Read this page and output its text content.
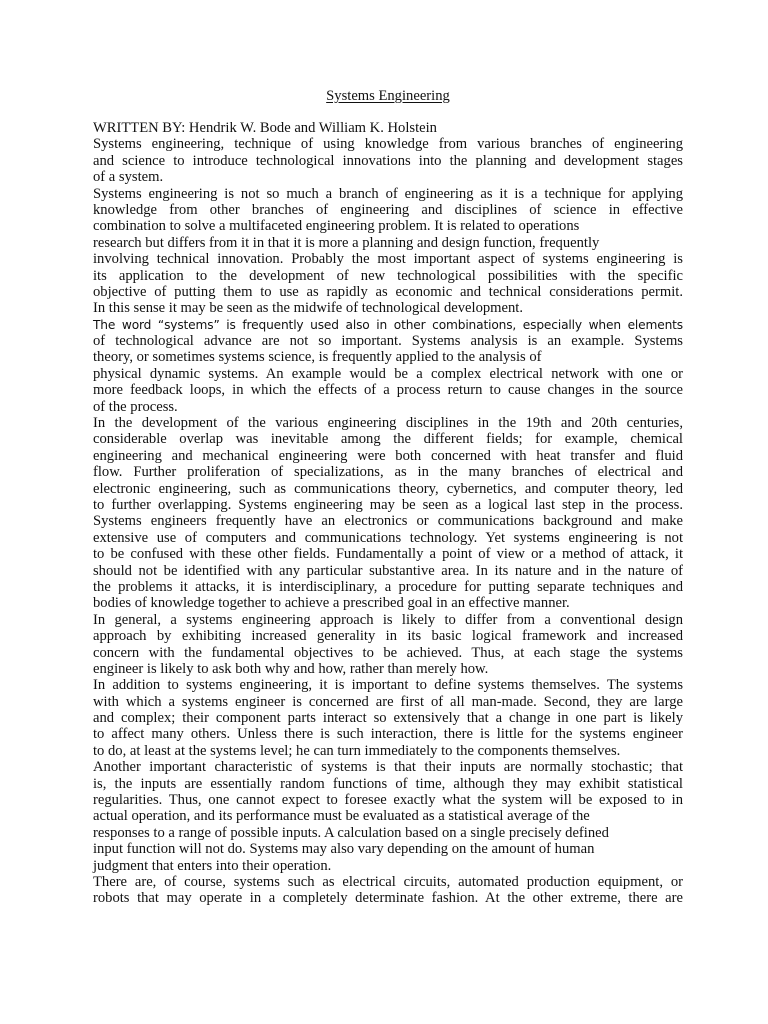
Systems Engineering
WRITTEN BY: Hendrik W. Bode and William K. Holstein
Systems engineering, technique of using knowledge from various branches of engineering
and science to introduce technological innovations into the planning and development stages
of a system.
Systems engineering is not so much a branch of engineering as it is a technique for applying
knowledge from other branches of engineering and disciplines of science in effective
combination to solve a multifaceted engineering problem. It is related to operations
research but differs from it in that it is more a planning and design function, frequently
involving technical innovation. Probably the most important aspect of systems engineering is
its application to the development of new technological possibilities with the specific
objective of putting them to use as rapidly as economic and technical considerations permit.
In this sense it may be seen as the midwife of technological development.
The word “systems” is frequently used also in other combinations, especially when elements
of technological advance are not so important. Systems analysis is an example. Systems
theory, or sometimes systems science, is frequently applied to the analysis of
physical dynamic systems. An example would be a complex electrical network with one or
more feedback loops, in which the effects of a process return to cause changes in the source
of the process.
In the development of the various engineering disciplines in the 19th and 20th centuries,
considerable overlap was inevitable among the different fields; for example, chemical
engineering and mechanical engineering were both concerned with heat transfer and fluid
flow. Further proliferation of specializations, as in the many branches of electrical and
electronic engineering, such as communications theory, cybernetics, and computer theory, led
to further overlapping. Systems engineering may be seen as a logical last step in the process.
Systems engineers frequently have an electronics or communications background and make
extensive use of computers and communications technology. Yet systems engineering is not
to be confused with these other fields. Fundamentally a point of view or a method of attack, it
should not be identified with any particular substantive area. In its nature and in the nature of
the problems it attacks, it is interdisciplinary, a procedure for putting separate techniques and
bodies of knowledge together to achieve a prescribed goal in an effective manner.
In general, a systems engineering approach is likely to differ from a conventional design
approach by exhibiting increased generality in its basic logical framework and increased
concern with the fundamental objectives to be achieved. Thus, at each stage the systems
engineer is likely to ask both why and how, rather than merely how.
In addition to systems engineering, it is important to define systems themselves. The systems
with which a systems engineer is concerned are first of all man-made. Second, they are large
and complex; their component parts interact so extensively that a change in one part is likely
to affect many others. Unless there is such interaction, there is little for the systems engineer
to do, at least at the systems level; he can turn immediately to the components themselves.
Another important characteristic of systems is that their inputs are normally stochastic; that
is, the inputs are essentially random functions of time, although they may exhibit statistical
regularities. Thus, one cannot expect to foresee exactly what the system will be exposed to in
actual operation, and its performance must be evaluated as a statistical average of the
responses to a range of possible inputs. A calculation based on a single precisely defined
input function will not do. Systems may also vary depending on the amount of human
judgment that enters into their operation.
There are, of course, systems such as electrical circuits, automated production equipment, or
robots that may operate in a completely determinate fashion. At the other extreme, there are
